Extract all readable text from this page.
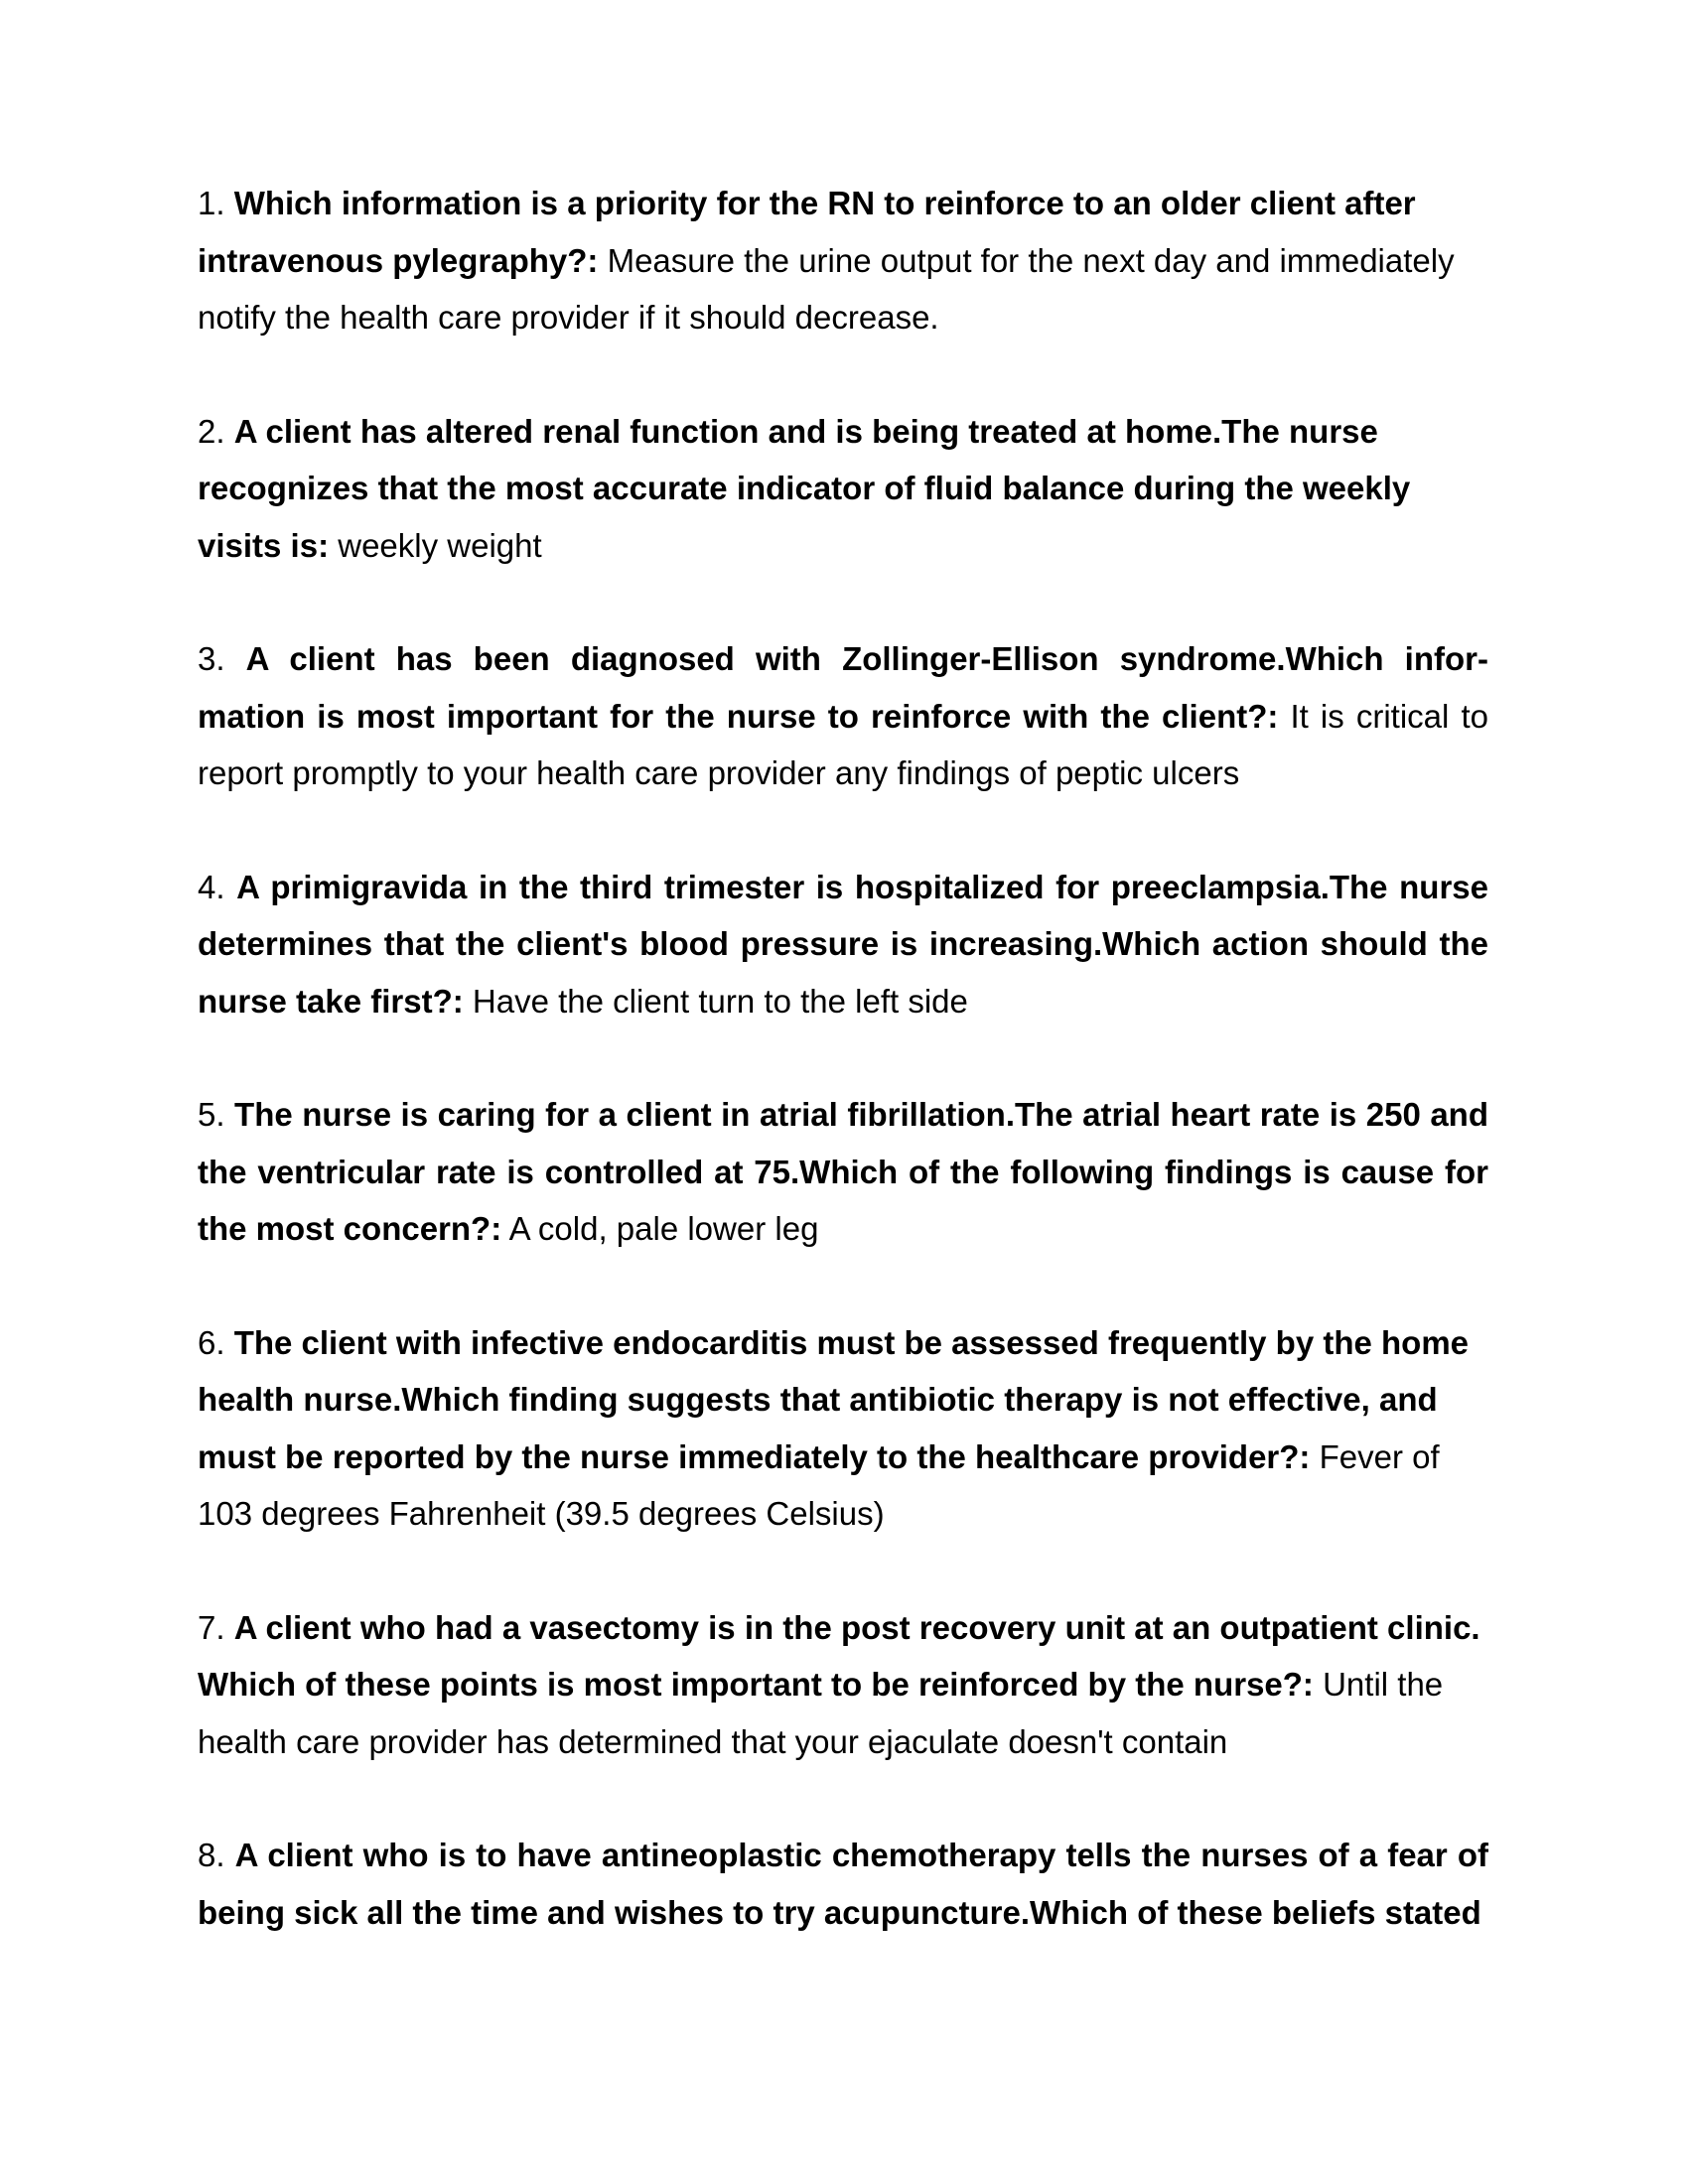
1. Which information is a priority for the RN to reinforce to an older client after intravenous pylegraphy?: Measure the urine output for the next day and immediately notify the health care provider if it should decrease.

2. A client has altered renal function and is being treated at home.The nurse recognizes that the most accurate indicator of fluid balance during the weekly visits is: weekly weight

3. A client has been diagnosed with Zollinger-Ellison syndrome.Which infor- mation is most important for the nurse to reinforce with the client?: It is critical to report promptly to your health care provider any findings of peptic ulcers

4. A primigravida in the third trimester is hospitalized for preeclampsia.The nurse determines that the client's blood pressure is increasing.Which action should the nurse take first?: Have the client turn to the left side

5. The nurse is caring for a client in atrial fibrillation.The atrial heart rate is 250 and the ventricular rate is controlled at 75.Which of the following findings is cause for the most concern?: A cold, pale lower leg

6. The client with infective endocarditis must be assessed frequently by the home health nurse.Which finding suggests that antibiotic therapy is not effective, and must be reported by the nurse immediately to the healthcare provider?: Fever of 103 degrees Fahrenheit (39.5 degrees Celsius)

7. A client who had a vasectomy is in the post recovery unit at an outpatient clinic. Which of these points is most important to be reinforced by the nurse?: Until the health care provider has determined that your ejaculate doesn't contain

8. A client who is to have antineoplastic chemotherapy tells the nurses of a fear of being sick all the time and wishes to try acupuncture.Which of these beliefs stated
